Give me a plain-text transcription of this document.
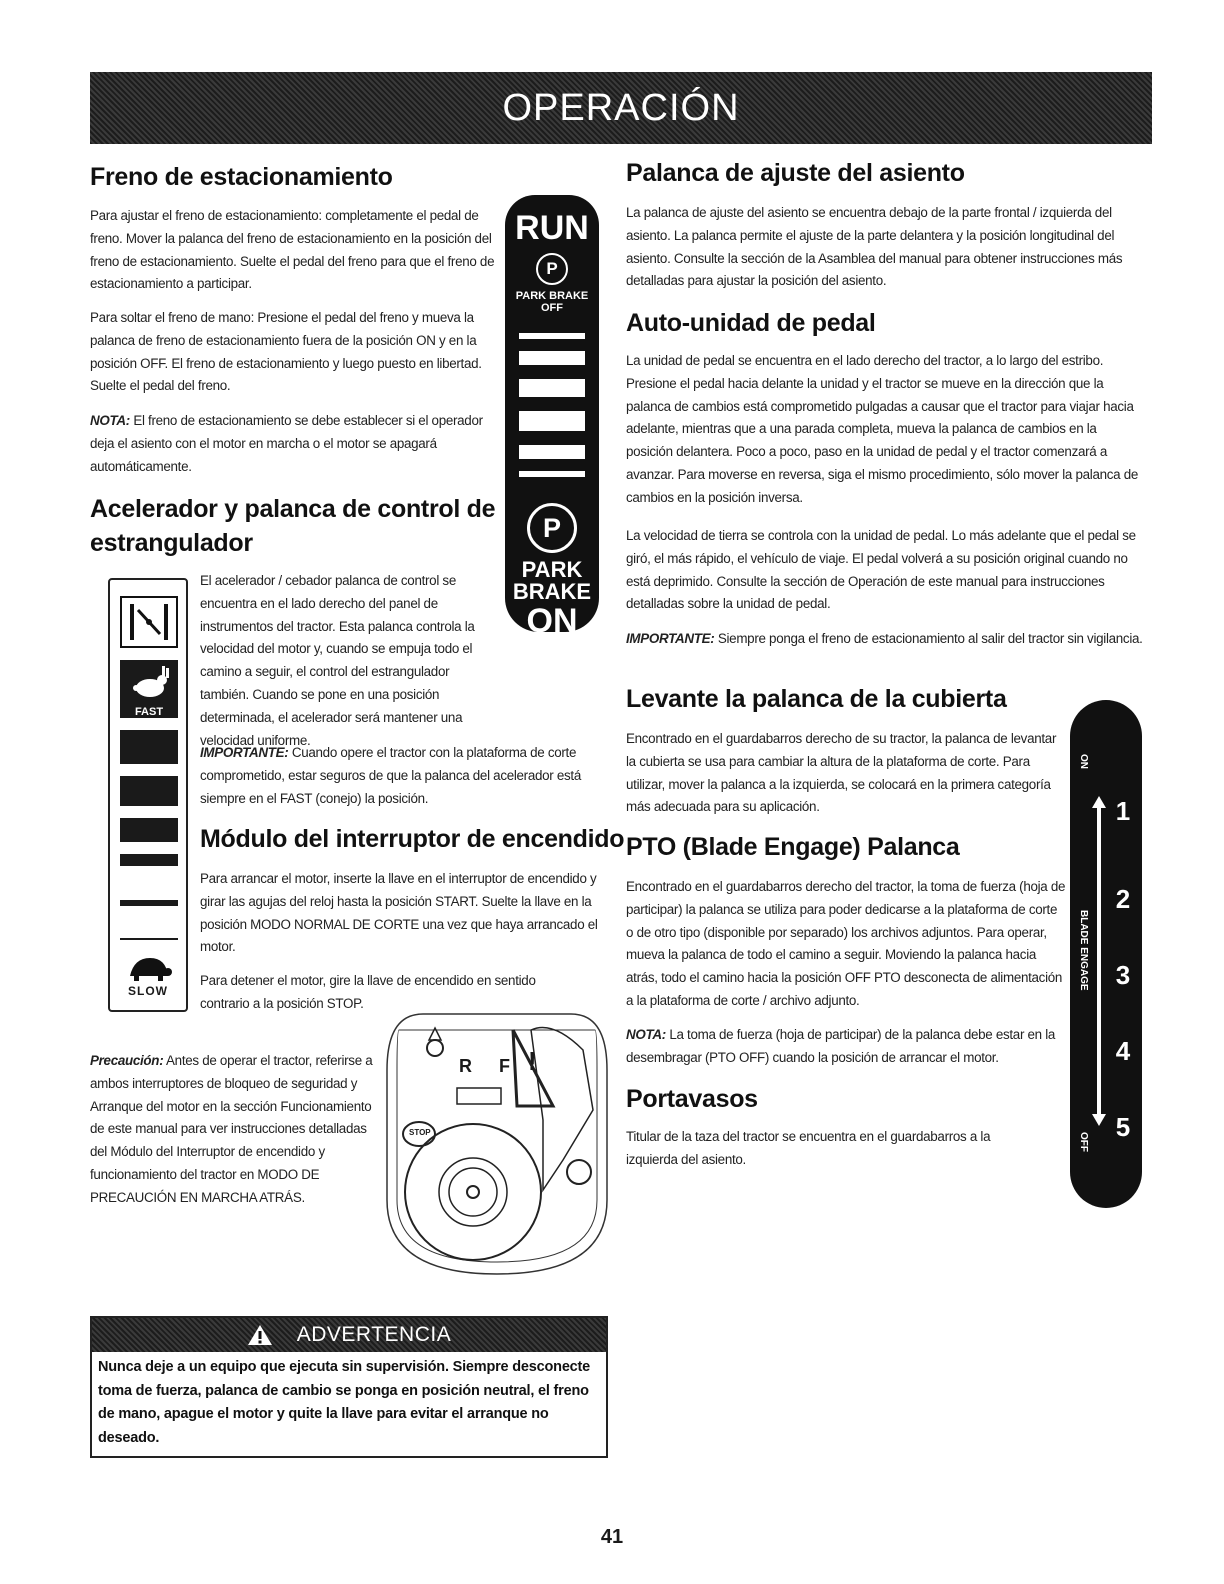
OPERACIÓN
Freno de estacionamiento
Para ajustar el freno de estacionamiento: completamente el pedal de freno. Mover la palanca del freno de estacionamiento en la posición del freno de estacionamiento. Suelte el pedal del freno para que el freno de estacionamiento a participar.
Para soltar el freno de mano: Presione el pedal del freno y mueva la palanca de freno de estacionamiento fuera de la posición ON y en la posición OFF. El freno de estacionamiento y luego puesto en libertad. Suelte el pedal del freno.
NOTA: El freno de estacionamiento se debe establecer si el operador deja el asiento con el motor en marcha o el motor se apagará automáticamente.
Acelerador y palanca de control de
estrangulador
El acelerador / cebador palanca de control se encuentra en el lado derecho del panel de instrumentos del tractor. Esta palanca controla la velocidad del motor y, cuando se empuja todo el camino a seguir, el control del estrangulador también. Cuando se pone en una posición determinada, el acelerador será mantener una velocidad uniforme.
IMPORTANTE: Cuando opere el tractor con la plataforma de corte comprometido, estar seguros de que la palanca del acelerador está siempre en el FAST (conejo) la posición.
Módulo del interruptor de encendido
Para arrancar el motor, inserte la llave en el interruptor de encendido y girar las agujas del reloj hasta la posición START. Suelte la llave en la posición MODO NORMAL DE CORTE una vez que haya arrancado el motor.
Para detener el motor, gire la llave de encendido en sentido contrario a la posición STOP.
Precaución: Antes de operar el tractor, referirse a ambos interruptores de bloqueo de seguridad y Arranque del motor en la sección Funcionamiento de este manual para ver instrucciones detalladas del Módulo del Interruptor de encendido y funcionamiento del tractor en MODO DE PRECAUCIÓN EN MARCHA ATRÁS.
RUN
P
PARK BRAKE
OFF
P
PARK
BRAKE
ON
FAST
SLOW
R F
STOP
!
Palanca de ajuste del asiento
La palanca de ajuste del asiento se encuentra debajo de la parte frontal / izquierda del asiento. La palanca permite el ajuste de la parte delantera y la posición longitudinal del asiento. Consulte la sección de la Asamblea del manual para obtener instrucciones más detalladas para ajustar la posición del asiento.
Auto-unidad de pedal
La unidad de pedal se encuentra en el lado derecho del tractor, a lo largo del estribo. Presione el pedal hacia delante la unidad y el tractor se mueve en la dirección que la palanca de cambios está comprometido pulgadas a causar que el tractor para viajar hacia adelante, mientras que a una parada completa, mueva la palanca de cambios en la posición delantera. Poco a poco, paso en la unidad de pedal y el tractor comenzará a avanzar. Para moverse en reversa, siga el mismo procedimiento, sólo mover la palanca de cambios en la posición inversa.
La velocidad de tierra se controla con la unidad de pedal. Lo más adelante que el pedal se giró, el más rápido, el vehículo de viaje. El pedal volverá a su posición original cuando no está deprimido. Consulte la sección de Operación de este manual para instrucciones detalladas sobre la unidad de pedal.
IMPORTANTE: Siempre ponga el freno de estacionamiento al salir del tractor sin vigilancia.
Levante la palanca de la cubierta
Encontrado en el guardabarros derecho de su tractor, la palanca de levantar la cubierta se usa para cambiar la altura de la plataforma de corte. Para utilizar, mover la palanca a la izquierda, se colocará en la primera categoría más adecuada para su aplicación.
PTO (Blade Engage) Palanca
Encontrado en el guardabarros derecho del tractor, la toma de fuerza (hoja de participar) la palanca se utiliza para poder dedicarse a la plataforma de corte o de otro tipo (disponible por separado) los archivos adjuntos. Para operar, mueva la palanca de todo el camino a seguir. Moviendo la palanca hacia atrás, todo el camino hacia la posición OFF PTO desconecta de alimentación a la plataforma de corte / archivo adjunto.
NOTA: La toma de fuerza (hoja de participar) de la palanca debe estar en la desembragar (PTO OFF) cuando la posición de arrancar el motor.
Portavasos
Titular de la taza del tractor se encuentra en el guardabarros a la izquierda del asiento.
ON
BLADE ENGAGE
OFF
1
2
3
4
5
ADVERTENCIA
Nunca deje a un equipo que ejecuta sin supervisión. Siempre desconecte toma de fuerza, palanca de cambio se ponga en posición neutral, el freno de mano, apague el motor y quite la llave para evitar el arranque no deseado.
41
